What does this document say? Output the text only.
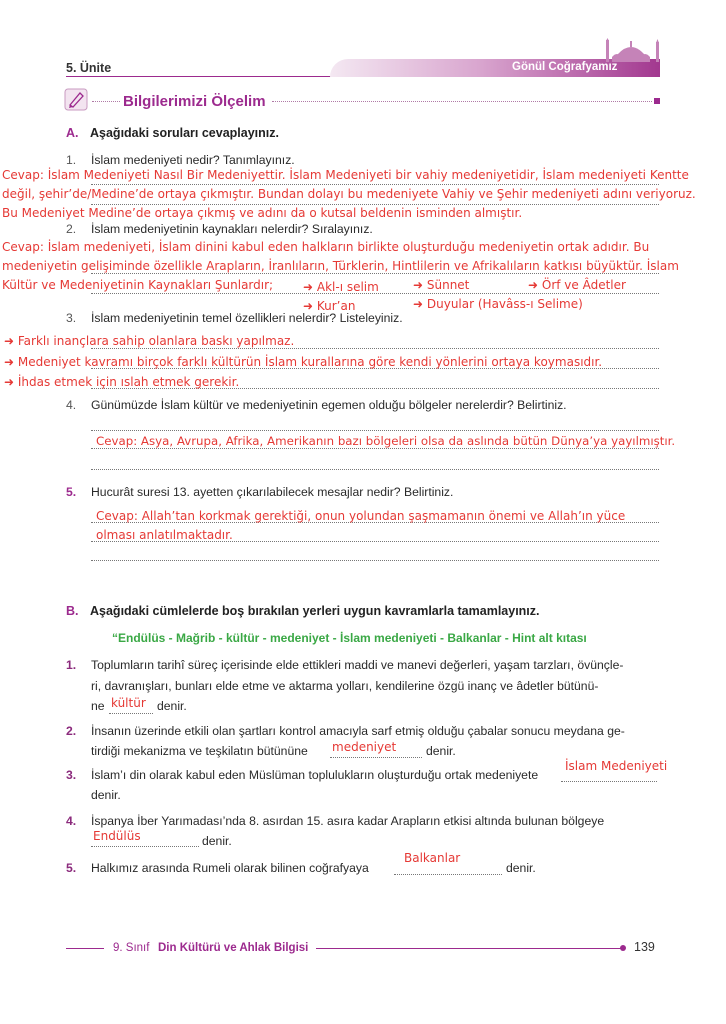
5. Ünite	Gönül Coğrafyamız
Bilgilerimizi Ölçelim
A. Aşağıdaki soruları cevaplayınız.
1. İslam medeniyeti nedir? Tanımlayınız.
Cevap: İslam Medeniyeti Nasıl Bir Medeniyettir. İslam Medeniyeti bir vahiy medeniyetidir, İslam medeniyeti Kentte
değil, şehir’de/Medine’de ortaya çıkmıştır. Bundan dolayı bu medeniyete Vahiy ve Şehir medeniyeti adını veriyoruz.
Bu Medeniyet Medine’de ortaya çıkmış ve adını da o kutsal beldenin isminden almıştır.
2. İslam medeniyetinin kaynakları nelerdir? Sıralayınız.
Cevap: İslam medeniyeti, İslam dinini kabul eden halkların birlikte oluşturduğu medeniyetin ortak adıdır. Bu
medeniyetin gelişiminde özellikle Arapların, İranlıların, Türklerin, Hintlilerin ve Afrikalıların katkısı büyüktür. İslam
Kültür ve Medeniyetinin Kaynakları Şunlardır; ➜ Akl-ı selim	➜ Sünnet	➜ Örf ve Âdetler
➜ Kur’an	➜ Duyular (Havâss-ı Selime)
3. İslam medeniyetinin temel özellikleri nelerdir? Listeleyiniz.
➜ Farklı inançlara sahip olanlara baskı yapılmaz.
➜ Medeniyet kavramı birçok farklı kültürün İslam kurallarına göre kendi yönlerini ortaya koymasıdır.
➜ İhdas etmek için ıslah etmek gerekir.
4. Günümüzde İslam kültür ve medeniyetinin egemen olduğu bölgeler nerelerdir? Belirtiniz.
Cevap: Asya, Avrupa, Afrika, Amerikanın bazı bölgeleri olsa da aslında bütün Dünya’ya yayılmıştır.
5. Hucurât suresi 13. ayetten çıkarılabilecek mesajlar nedir? Belirtiniz.
Cevap: Allah’tan korkmak gerektiği, onun yolundan şaşmamanın önemi ve Allah’ın yüce
olması anlatılmaktadır.
B. Aşağıdaki cümlelerde boş bırakılan yerleri uygun kavramlarla tamamlayınız.
“Endülüs - Mağrib - kültür - medeniyet - İslam medeniyeti - Balkanlar - Hint alt kıtası
1. Toplumların tarihî süreç içerisinde elde ettikleri maddi ve manevi değerleri, yaşam tarzları, övünçle-
ri, davranışları, bunları elde etme ve aktarma yolları, kendilerine özgü inanç ve âdetler bütünü-
ne kültür denir.
2. İnsanın üzerinde etkili olan şartları kontrol amacıyla sarf etmiş olduğu çabalar sonucu meydana ge-
tirdiği mekanizma ve teşkilatın bütününe medeniyet denir.
İslam Medeniyeti
3. İslam’ı din olarak kabul eden Müslüman toplulukların oluşturduğu ortak medeniyete
denir.
4. İspanya İber Yarımadası’nda 8. asırdan 15. asıra kadar Arapların etkisi altında bulunan bölgeye
Endülüs	denir.
Balkanlar
5. Halkımız arasında Rumeli olarak bilinen coğrafyaya	denir.
9. Sınıf Din Kültürü ve Ahlak Bilgisi	139
